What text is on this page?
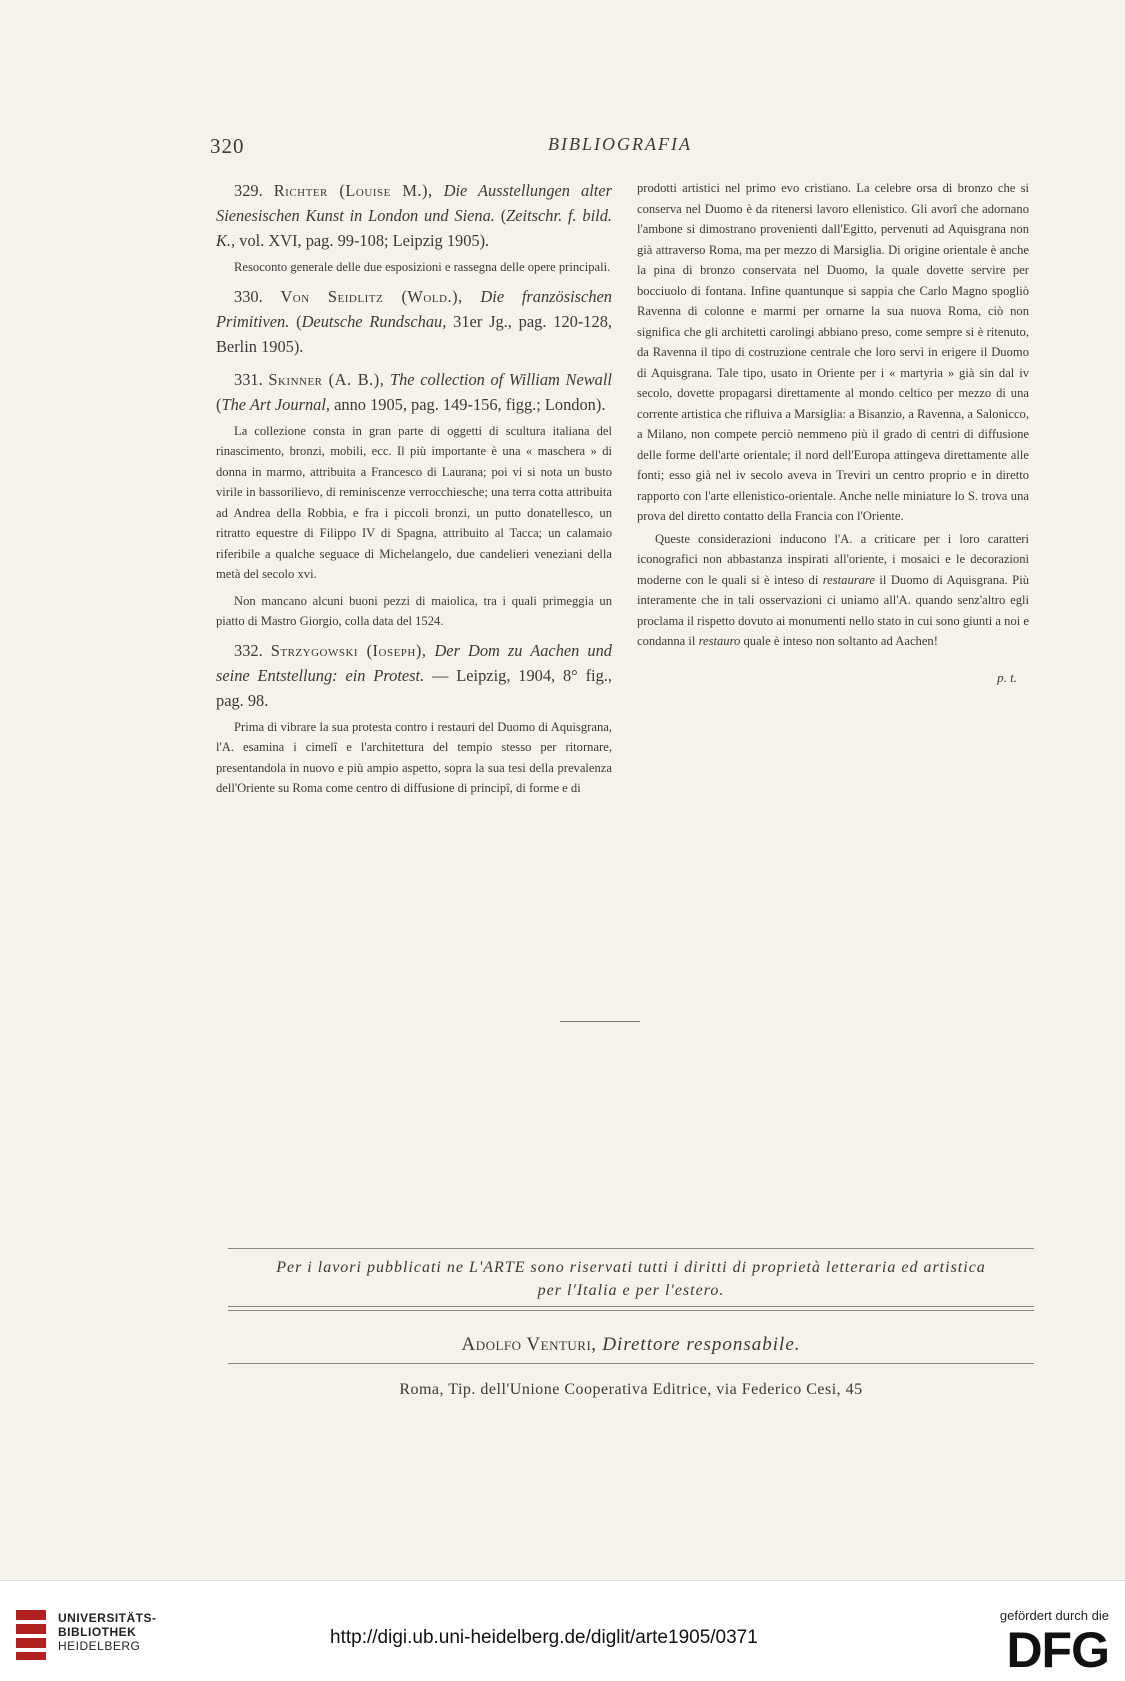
320	BIBLIOGRAFIA

329. Richter (Louise M.), Die Ausstellungen alter Sienesischen Kunst in London und Siena. (Zeitschr. f. bild. K., vol. XVI, pag. 99-108; Leipzig 1905).

Resoconto generale delle due esposizioni e rassegna delle opere principali.

330. Von Seidlitz (Wold.), Die französischen Primitiven. (Deutsche Rundschau, 31er Jg., pag. 120-128, Berlin 1905).

331. Skinner (A. B.), The collection of William Newall (The Art Journal, anno 1905, pag. 149-156, figg.; London).

La collezione consta in gran parte di oggetti di scultura italiana del rinascimento, bronzi, mobili, ecc. Il più importante è una « maschera » di donna in marmo, attribuita a Francesco di Laurana; poi vi si nota un busto virile in bassorilievo, di reminiscenze verrocchiesche; una terra cotta attribuita ad Andrea della Robbia, e fra i piccoli bronzi, un putto donatellesco, un ritratto equestre di Filippo IV di Spagna, attribuito al Tacca; un calamaio riferibile a qualche seguace di Michelangelo, due candelieri veneziani della metà del secolo xvi.

Non mancano alcuni buoni pezzi di maiolica, tra i quali primeggia un piatto di Mastro Giorgio, colla data del 1524.

332. Strzygowski (Ioseph), Der Dom zu Aachen und seine Entstellung: ein Protest. — Leipzig, 1904, 8° fig., pag. 98.

Prima di vibrare la sua protesta contro i restauri del Duomo di Aquisgrana, l'A. esamina i cimelî e l'architettura del tempio stesso per ritornare, presentandola in nuovo e più ampio aspetto, sopra la sua tesi della prevalenza dell'Oriente su Roma come centro di diffusione di principî, di forme e di

prodotti artistici nel primo evo cristiano. La celebre orsa di bronzo che si conserva nel Duomo è da ritenersi lavoro ellenistico. Gli avorî che adornano l'ambone si dimostrano provenienti dall'Egitto, pervenuti ad Aquisgrana non già attraverso Roma, ma per mezzo di Marsiglia. Di origine orientale è anche la pina di bronzo conservata nel Duomo, la quale dovette servire per bocciuolo di fontana. Infine quantunque si sappia che Carlo Magno spogliò Ravenna di colonne e marmi per ornarne la sua nuova Roma, ciò non significa che gli architetti carolingi abbiano preso, come sempre si è ritenuto, da Ravenna il tipo di costruzione centrale che loro servì in erigere il Duomo di Aquisgrana. Tale tipo, usato in Oriente per i « martyria » già sin dal iv secolo, dovette propagarsi direttamente al mondo celtico per mezzo di una corrente artistica che rifluiva a Marsiglia: a Bisanzio, a Ravenna, a Salonicco, a Milano, non compete perciò nemmeno più il grado di centri di diffusione delle forme dell'arte orientale; il nord dell'Europa attingeva direttamente alle fonti; esso già nel iv secolo aveva in Treviri un centro proprio e in diretto rapporto con l'arte ellenistico-orientale. Anche nelle miniature lo S. trova una prova del diretto contatto della Francia con l'Oriente.

Queste considerazioni inducono l'A. a criticare per i loro caratteri iconografici non abbastanza inspirati all'oriente, i mosaici e le decorazioni moderne con le quali si è inteso di restaurare il Duomo di Aquisgrana. Più interamente che in tali osservazioni ci uniamo all'A. quando senz'altro egli proclama il rispetto dovuto ai monumenti nello stato in cui sono giunti a noi e condanna il restauro quale è inteso non soltanto ad Aachen!

p. t.
Per i lavori pubblicati ne L'ARTE sono riservati tutti i diritti di proprietà letteraria ed artistica
per l'Italia e per l'estero.
Adolfo Venturi, Direttore responsabile.
Roma, Tip. dell'Unione Cooperativa Editrice, via Federico Cesi, 45
UNIVERSITÄTS-
BIBLIOTHEK
HEIDELBERG	http://digi.ub.uni-heidelberg.de/diglit/arte1905/0371
gefördert durch die
DFG
